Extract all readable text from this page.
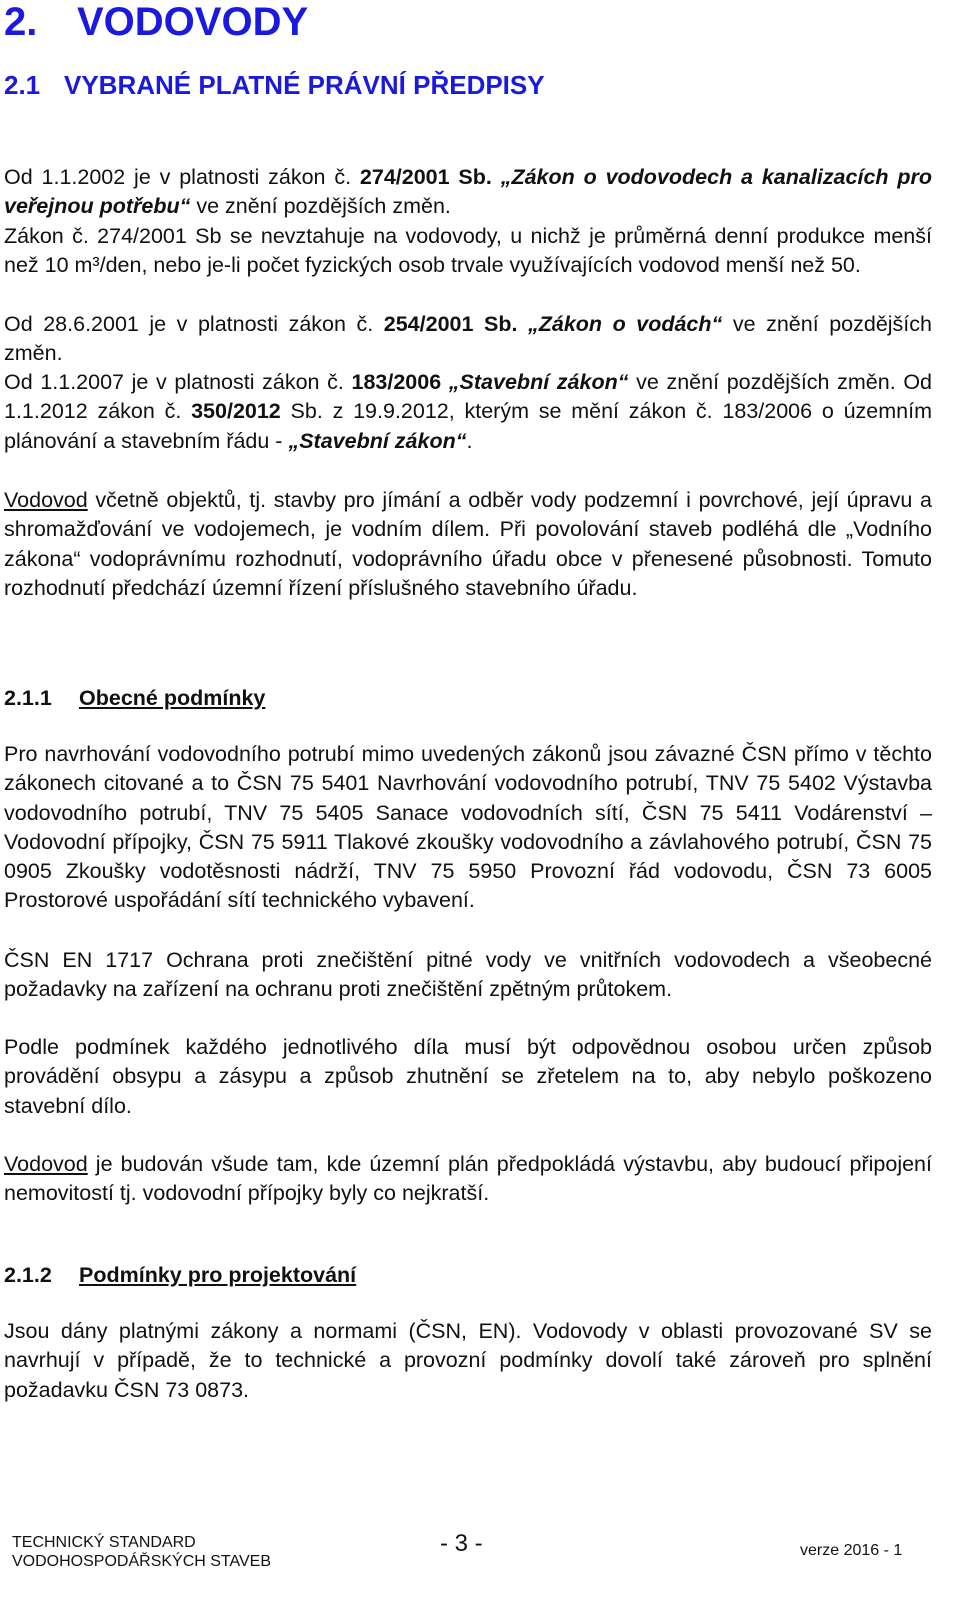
2. VODOVODY
2.1 VYBRANÉ PLATNÉ PRÁVNÍ PŘEDPISY

Od 1.1.2002 je v platnosti zákon č. 274/2001 Sb. „Zákon o vodovodech a kanalizacích pro veřejnou potřebu“ ve znění pozdějších změn.

Zákon č. 274/2001 Sb se nevztahuje na vodovody, u nichž je průměrná denní produkce menší než 10 m³/den, nebo je-li počet fyzických osob trvale využívajících vodovod menší než 50.

Od 28.6.2001 je v platnosti zákon č. 254/2001 Sb. „Zákon o vodách“ ve znění pozdějších změn.

Od 1.1.2007 je v platnosti zákon č. 183/2006 „Stavební zákon“ ve znění pozdějších změn. Od 1.1.2012 zákon č. 350/2012 Sb. z 19.9.2012, kterým se mění zákon č. 183/2006 o územním plánování a stavebním řádu - „Stavební zákon“.

Vodovod včetně objektů, tj. stavby pro jímání a odběr vody podzemní i povrchové, její úpravu a shromažďování ve vodojemech, je vodním dílem. Při povolování staveb podléhá dle „Vodního zákona“ vodoprávnímu rozhodnutí, vodoprávního úřadu obce v přenesené působnosti. Tomuto rozhodnutí předchází územní řízení příslušného stavebního úřadu.

2.1.1 Obecné podmínky

Pro navrhování vodovodního potrubí mimo uvedených zákonů jsou závazné ČSN přímo v těchto zákonech citované a to ČSN 75 5401 Navrhování vodovodního potrubí, TNV 75 5402 Výstavba vodovodního potrubí, TNV 75 5405 Sanace vodovodních sítí, ČSN 75 5411 Vodárenství – Vodovodní přípojky, ČSN 75 5911 Tlakové zkoušky vodovodního a závlahového potrubí, ČSN 75 0905 Zkoušky vodotěsnosti nádrží, TNV 75 5950 Provozní řád vodovodu, ČSN 73 6005 Prostorové uspořádání sítí technického vybavení.

ČSN EN 1717 Ochrana proti znečištění pitné vody ve vnitřních vodovodech a všeobecné požadavky na zařízení na ochranu proti znečištění zpětným průtokem.

Podle podmínek každého jednotlivého díla musí být odpovědnou osobou určen způsob provádění obsypu a zásypu a způsob zhutnění se zřetelem na to, aby nebylo poškozeno stavební dílo.

Vodovod je budován všude tam, kde územní plán předpokládá výstavbu, aby budoucí připojení nemovitostí tj. vodovodní přípojky byly co nejkratší.

2.1.2 Podmínky pro projektování

Jsou dány platnými zákony a normami (ČSN, EN). Vodovody v oblasti provozované SV se navrhují v případě, že to technické a provozní podmínky dovolí také zároveň pro splnění požadavku ČSN 73 0873.

TECHNICKÝ STANDARD
VODOHOSPODÁŘSKÝCH STAVEB
- 3 -	verze 2016 - 1
